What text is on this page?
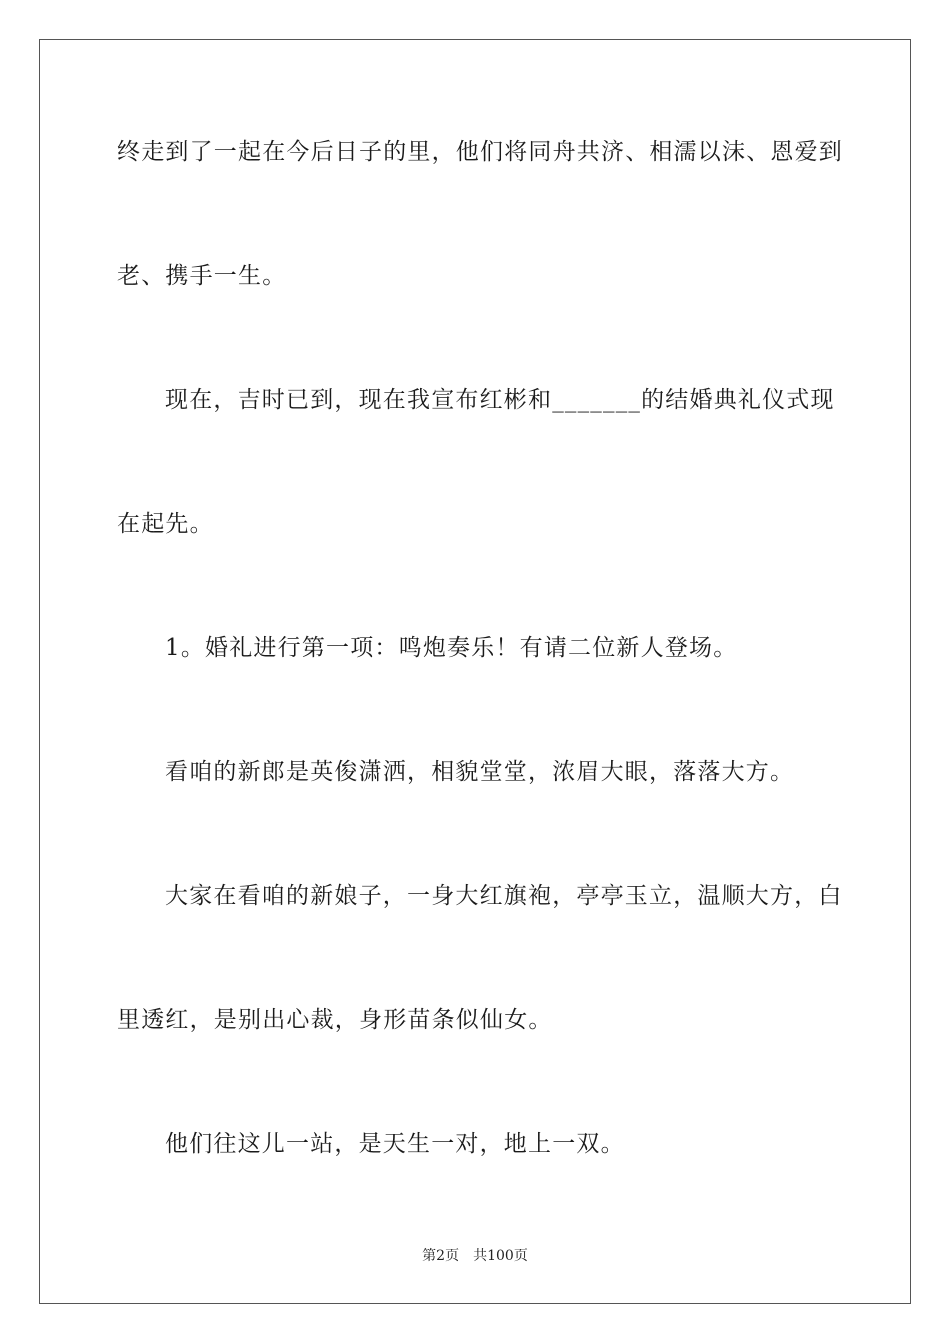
终走到了一起在今后日子的里，他们将同舟共济、相濡以沫、恩爱到
老、携手一生。
现在，吉时已到，现在我宣布红彬和_______的结婚典礼仪式现
在起先。
1。婚礼进行第一项：鸣炮奏乐！有请二位新人登场。
看咱的新郎是英俊潇洒，相貌堂堂，浓眉大眼，落落大方。
大家在看咱的新娘子，一身大红旗袍，亭亭玉立，温顺大方，白
里透红，是别出心裁，身形苗条似仙女。
他们往这儿一站，是天生一对，地上一双。
第2页 共100页
